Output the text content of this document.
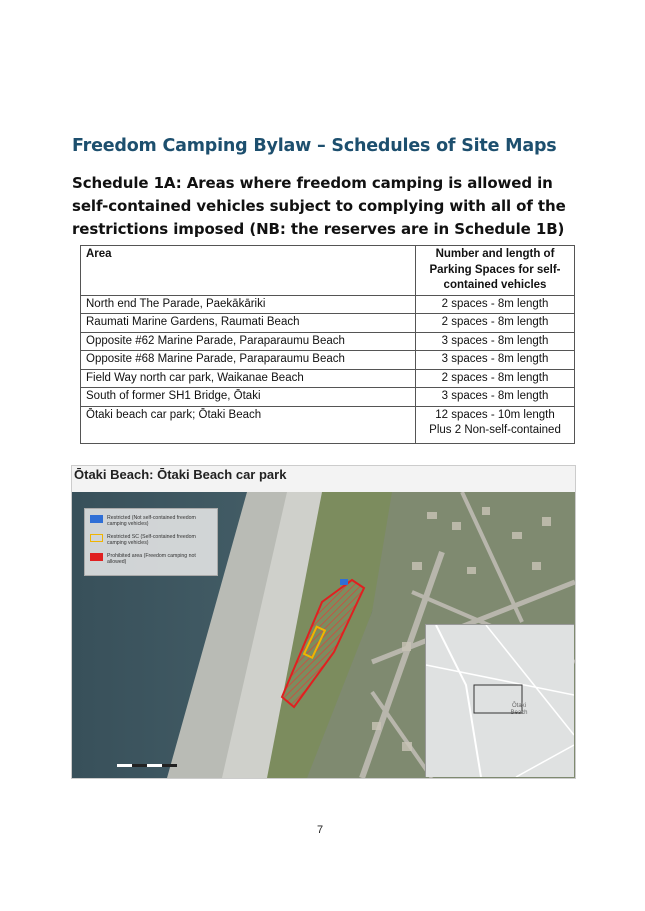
Freedom Camping Bylaw – Schedules of Site Maps
Schedule 1A: Areas where freedom camping is allowed in self-contained vehicles subject to complying with all of the restrictions imposed (NB: the reserves are in Schedule 1B)
Area	Number and length of Parking Spaces for self-contained vehicles
North end The Parade, Paekākāriki	2 spaces - 8m length
Raumati Marine Gardens, Raumati Beach	2 spaces - 8m length
Opposite #62 Marine Parade, Paraparaumu Beach	3 spaces - 8m length
Opposite #68 Marine Parade, Paraparaumu Beach	3 spaces - 8m length
Field Way north car park, Waikanae Beach	2 spaces - 8m length
South of former SH1 Bridge, Ōtaki	3 spaces - 8m length
Ōtaki beach car park; Ōtaki Beach	12 spaces - 10m length
Plus 2 Non-self-contained
Ōtaki Beach: Ōtaki Beach car park
Restricted (Not self-contained freedom camping vehicles)
Restricted SC (Self-contained freedom camping vehicles)
Prohibited area (Freedom camping not allowed)
Ōtaki Beach
7
